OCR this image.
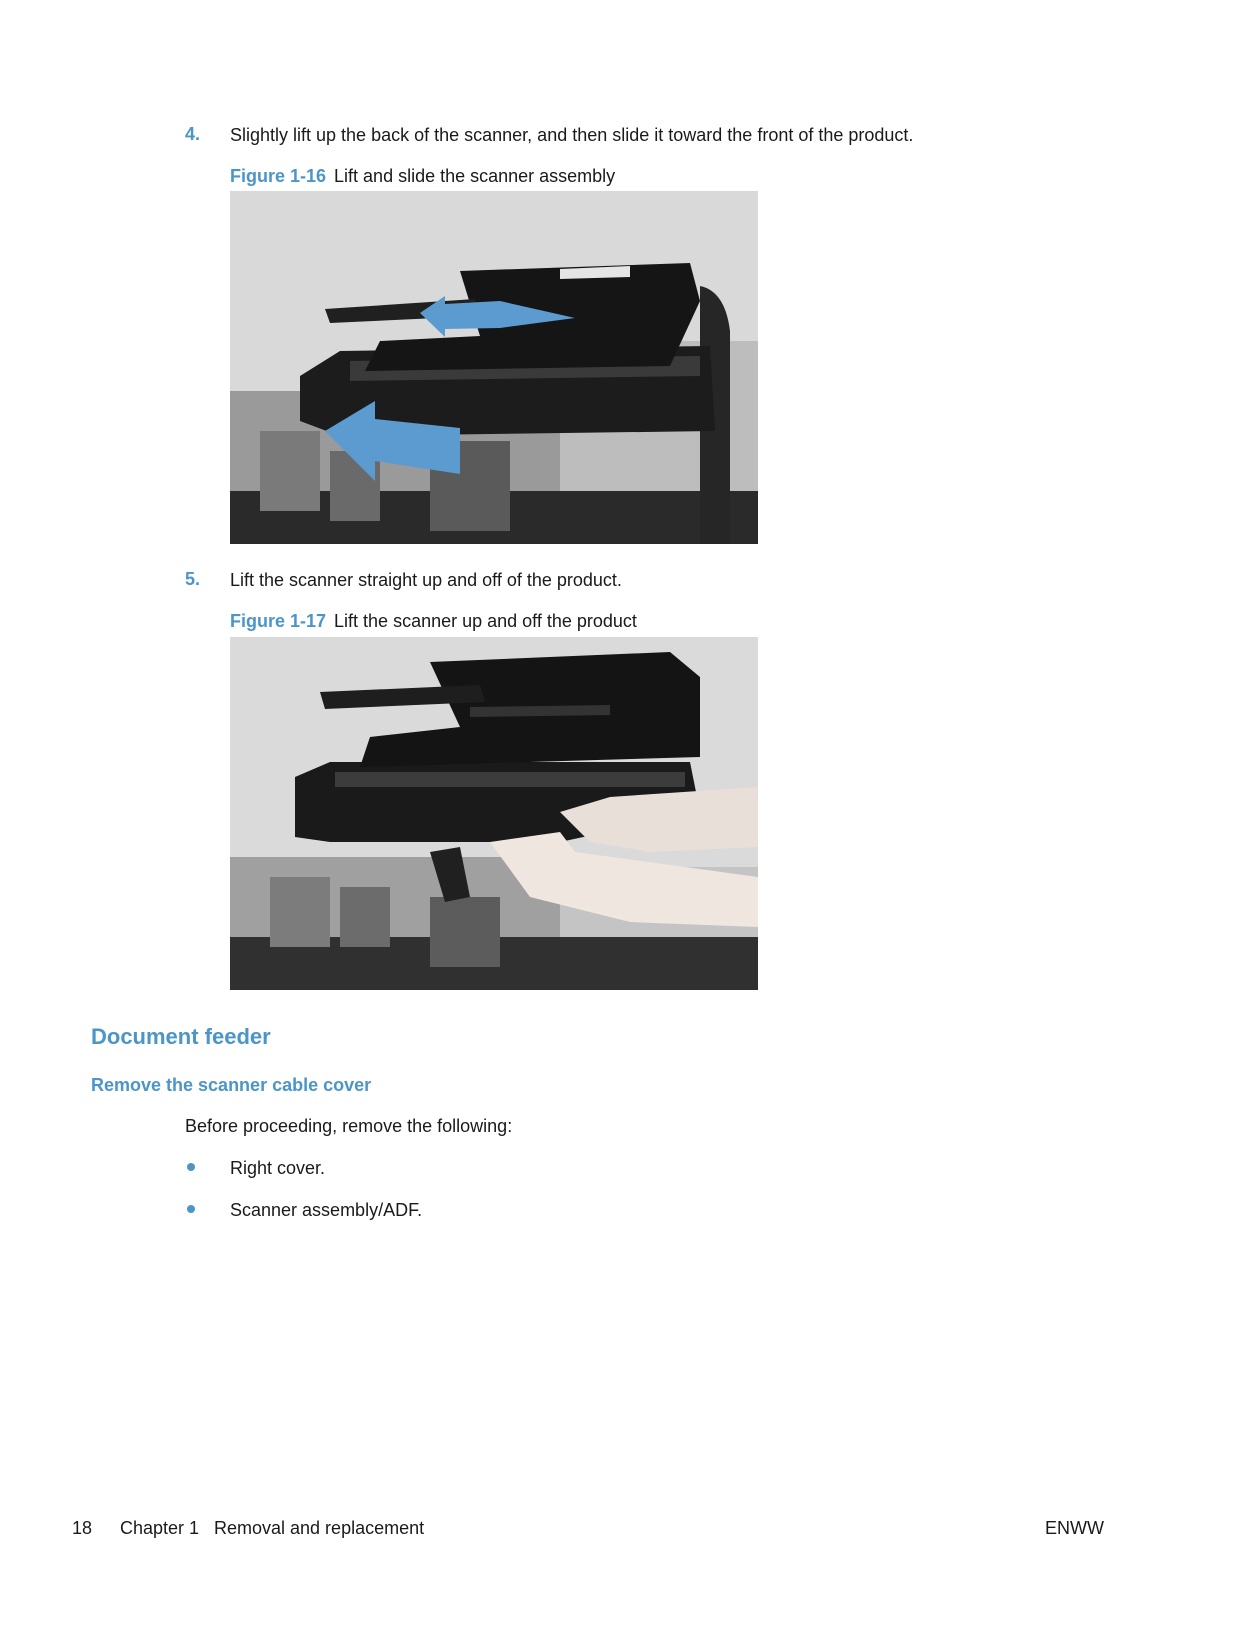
4. Slightly lift up the back of the scanner, and then slide it toward the front of the product.
Figure 1-16 Lift and slide the scanner assembly
5. Lift the scanner straight up and off of the product.
Figure 1-17 Lift the scanner up and off the product
Document feeder
Remove the scanner cable cover
Before proceeding, remove the following:
Right cover.
Scanner assembly/ADF.
18 Chapter 1 Removal and replacement	ENWW
